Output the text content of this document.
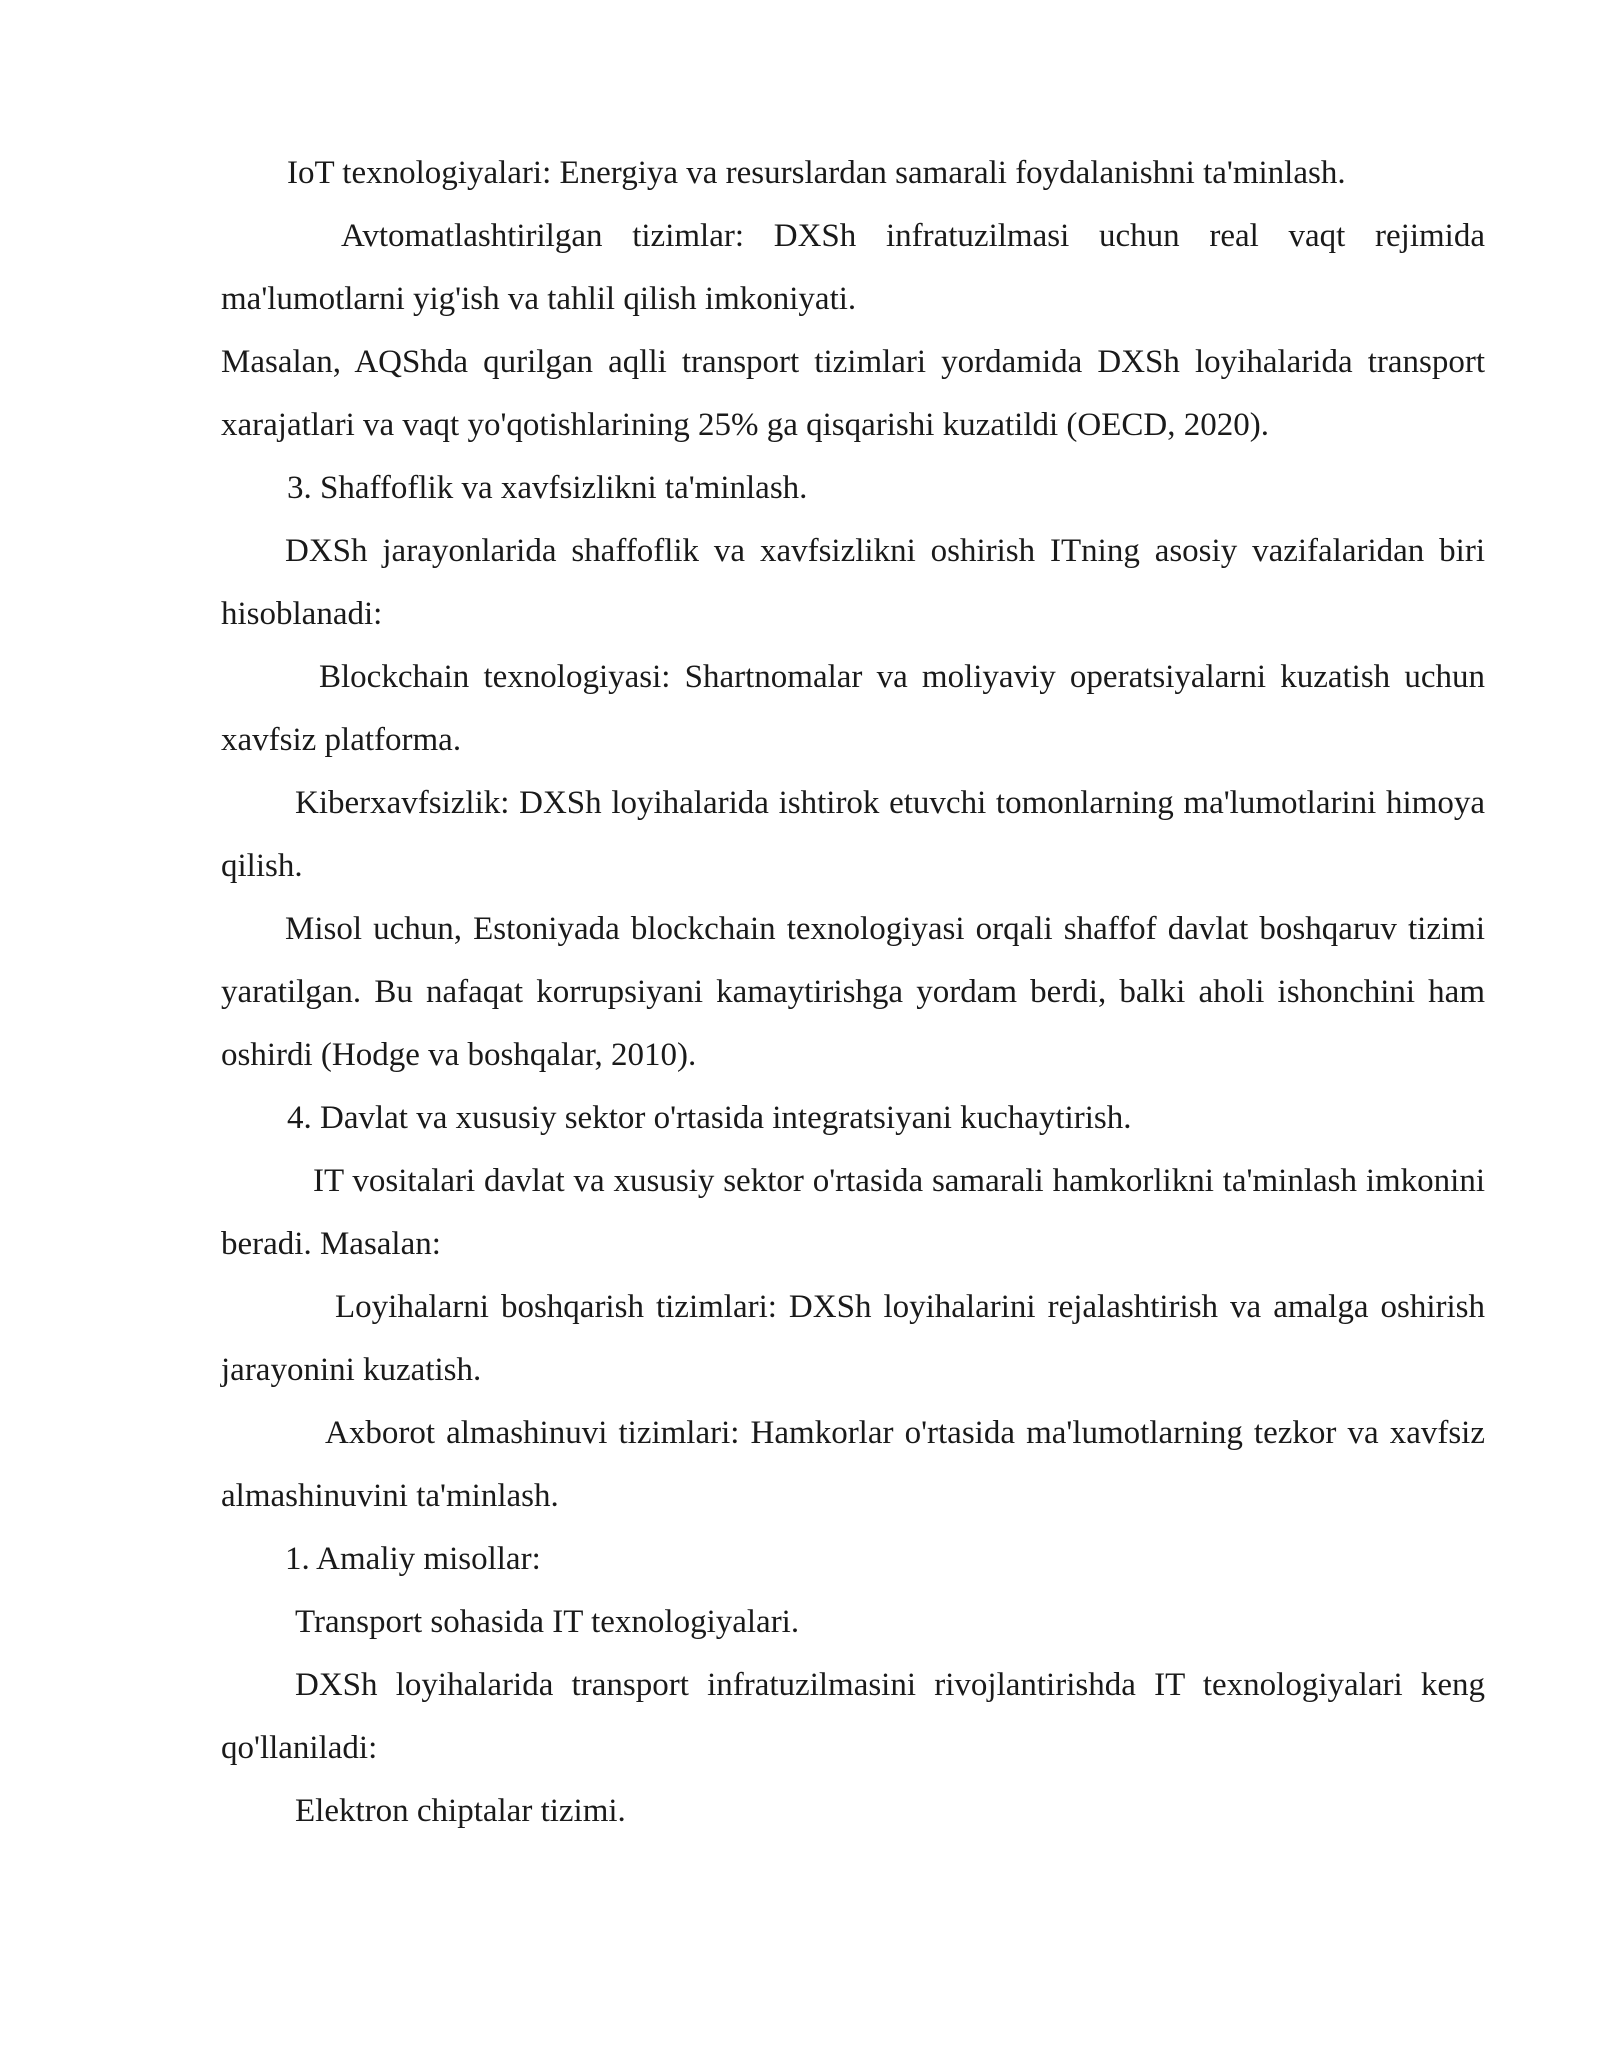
IoT texnologiyalari: Energiya va resurslardan samarali foydalanishni ta'minlash.

Avtomatlashtirilgan tizimlar: DXSh infratuzilmasi uchun real vaqt rejimida ma'lumotlarni yig'ish va tahlil qilish imkoniyati.

Masalan, AQShda qurilgan aqlli transport tizimlari yordamida DXSh loyihalarida transport xarajatlari va vaqt yo'qotishlarining 25% ga qisqarishi kuzatildi (OECD, 2020).

3. Shaffoflik va xavfsizlikni ta'minlash.

DXSh jarayonlarida shaffoflik va xavfsizlikni oshirish ITning asosiy vazifalaridan biri hisoblanadi:

Blockchain texnologiyasi: Shartnomalar va moliyaviy operatsiyalarni kuzatish uchun xavfsiz platforma.

Kiberxavfsizlik: DXSh loyihalarida ishtirok etuvchi tomonlarning ma'lumotlarini himoya qilish.

Misol uchun, Estoniyada blockchain texnologiyasi orqali shaffof davlat boshqaruv tizimi yaratilgan. Bu nafaqat korrupsiyani kamaytirishga yordam berdi, balki aholi ishonchini ham oshirdi (Hodge va boshqalar, 2010).

4. Davlat va xususiy sektor o'rtasida integratsiyani kuchaytirish.

IT vositalari davlat va xususiy sektor o'rtasida samarali hamkorlikni ta'minlash imkonini beradi. Masalan:

Loyihalarni boshqarish tizimlari: DXSh loyihalarini rejalashtirish va amalga oshirish jarayonini kuzatish.

Axborot almashinuvi tizimlari: Hamkorlar o'rtasida ma'lumotlarning tezkor va xavfsiz almashinuvini ta'minlash.

1. Amaliy misollar:

Transport sohasida IT texnologiyalari.

DXSh loyihalarida transport infratuzilmasini rivojlantirishda IT texnologiyalari keng qo'llaniladi:

Elektron chiptalar tizimi.
